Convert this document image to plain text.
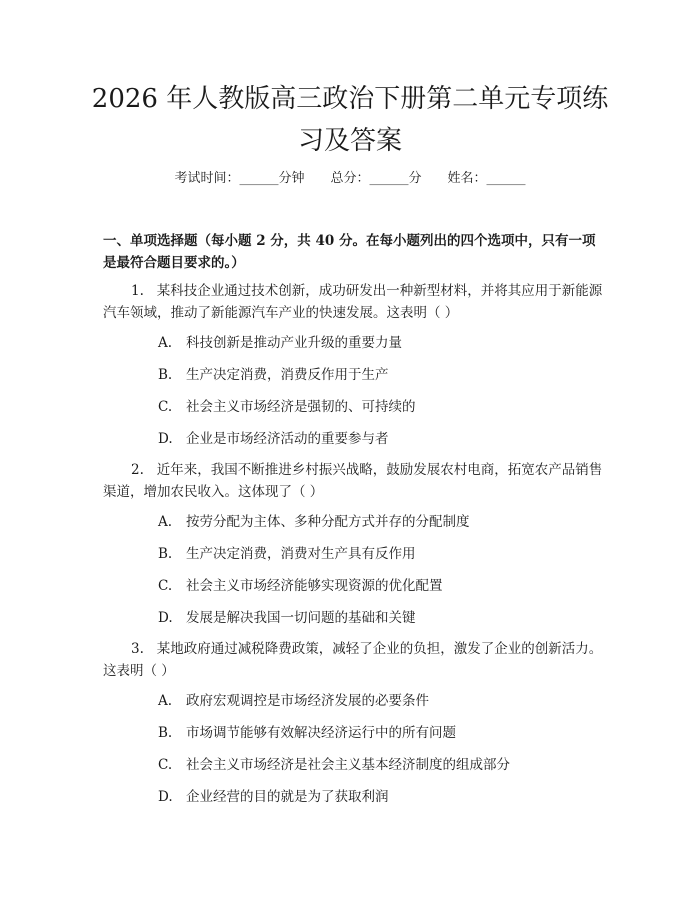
2026 年人教版高三政治下册第二单元专项练习及答案
考试时间：______分钟 总分：______分 姓名：______

一、单项选择题（每小题 2 分，共 40 分。在每小题列出的四个选项中，只有一项是最符合题目要求的。）

1. 某科技企业通过技术创新，成功研发出一种新型材料，并将其应用于新能源汽车领域，推动了新能源汽车产业的快速发展。这表明（ ）

A. 科技创新是推动产业升级的重要力量

B. 生产决定消费，消费反作用于生产

C. 社会主义市场经济是强韧的、可持续的

D. 企业是市场经济活动的重要参与者

2. 近年来，我国不断推进乡村振兴战略，鼓励发展农村电商，拓宽农产品销售渠道，增加农民收入。这体现了（ ）

A. 按劳分配为主体、多种分配方式并存的分配制度

B. 生产决定消费，消费对生产具有反作用

C. 社会主义市场经济能够实现资源的优化配置

D. 发展是解决我国一切问题的基础和关键

3. 某地政府通过减税降费政策，减轻了企业的负担，激发了企业的创新活力。这表明（ ）

A. 政府宏观调控是市场经济发展的必要条件

B. 市场调节能够有效解决经济运行中的所有问题

C. 社会主义市场经济是社会主义基本经济制度的组成部分

D. 企业经营的目的就是为了获取利润
